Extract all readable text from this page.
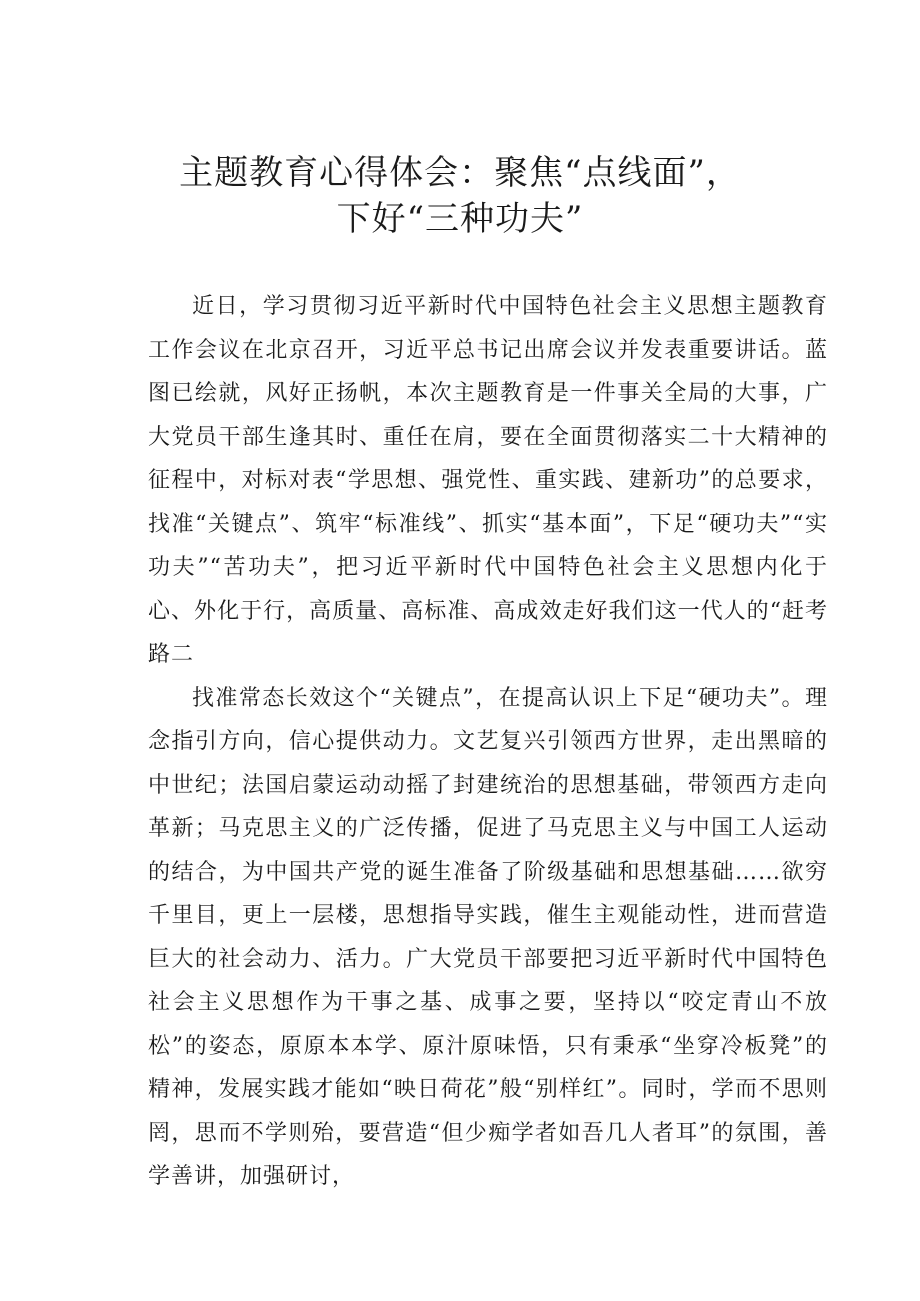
主题教育心得体会：聚焦“点线面”，
下好“三种功夫”

近日，学习贯彻习近平新时代中国特色社会主义思想主题教育工作会议在北京召开，习近平总书记出席会议并发表重要讲话。蓝图已绘就，风好正扬帆，本次主题教育是一件事关全局的大事，广大党员干部生逢其时、重任在肩，要在全面贯彻落实二十大精神的征程中，对标对表“学思想、强党性、重实践、建新功”的总要求，找准“关键点”、筑牢“标准线”、抓实“基本面”，下足“硬功夫”“实功夫”“苦功夫”，把习近平新时代中国特色社会主义思想内化于心、外化于行，高质量、高标准、高成效走好我们这一代人的“赶考路二

找准常态长效这个“关键点”，在提高认识上下足“硬功夫”。理念指引方向，信心提供动力。文艺复兴引领西方世界，走出黑暗的中世纪；法国启蒙运动动摇了封建统治的思想基础，带领西方走向革新；马克思主义的广泛传播，促进了马克思主义与中国工人运动的结合，为中国共产党的诞生准备了阶级基础和思想基础……欲穷千里目，更上一层楼，思想指导实践，催生主观能动性，进而营造巨大的社会动力、活力。广大党员干部要把习近平新时代中国特色社会主义思想作为干事之基、成事之要，坚持以“咬定青山不放松”的姿态，原原本本学、原汁原味悟，只有秉承“坐穿冷板凳”的精神，发展实践才能如“映日荷花”般“别样红”。同时，学而不思则罔，思而不学则殆，要营造“但少痴学者如吾几人者耳”的氛围，善学善讲，加强研讨，
